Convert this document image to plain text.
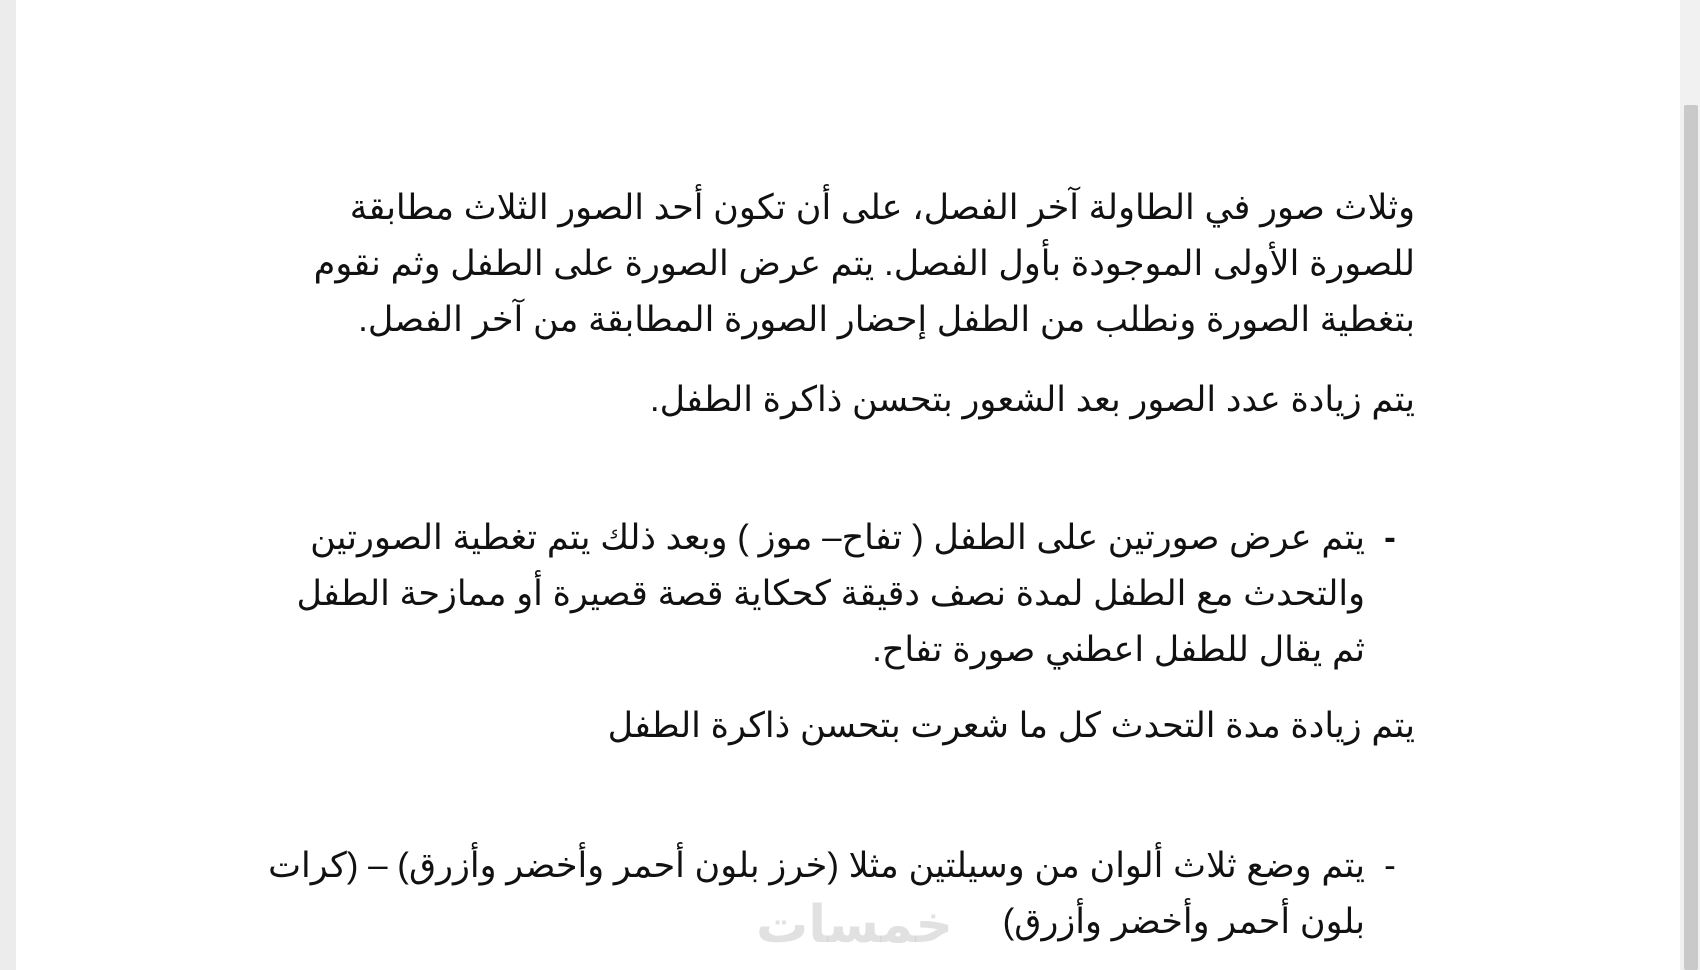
وثلاث صور في الطاولة آخر الفصل، على أن تكون أحد الصور الثلاث مطابقة للصورة الأولى الموجودة بأول الفصل. يتم عرض الصورة على الطفل وثم نقوم بتغطية الصورة ونطلب من الطفل إحضار الصورة المطابقة من آخر الفصل.

يتم زيادة عدد الصور بعد الشعور بتحسن ذاكرة الطفل.

-

يتم عرض صورتين على الطفل ( تفاح– موز ) وبعد ذلك يتم تغطية الصورتين والتحدث مع الطفل لمدة نصف دقيقة كحكاية قصة قصيرة أو ممازحة الطفل ثم يقال للطفل اعطني صورة تفاح.

يتم زيادة مدة التحدث كل ما شعرت بتحسن ذاكرة الطفل

-

يتم وضع ثلاث ألوان من وسيلتين مثلا (خرز بلون أحمر وأخضر وأزرق) – (كرات بلون أحمر وأخضر وأزرق)

خمسات
